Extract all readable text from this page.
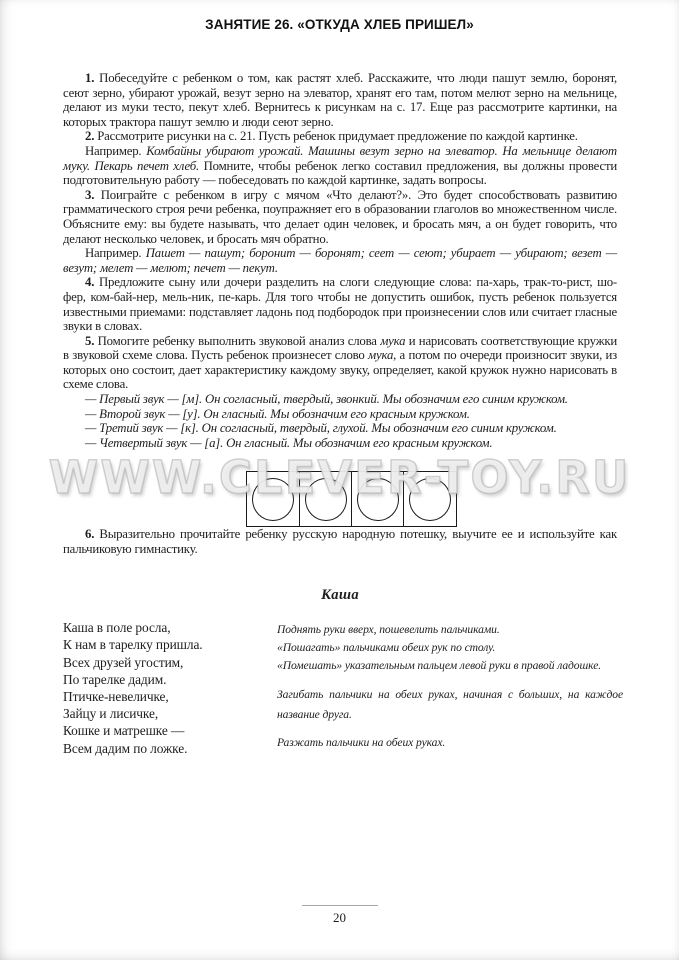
ЗАНЯТИЕ 26. «ОТКУДА ХЛЕБ ПРИШЕЛ»
WWW.CLEVER-TOY.RU

1. Побеседуйте с ребенком о том, как растят хлеб. Расскажите, что люди пашут землю, боронят, сеют зерно, убирают урожай, везут зерно на элеватор, хранят его там, потом мелют зерно на мельнице, делают из муки тесто, пекут хлеб. Вернитесь к рисункам на с. 17. Еще раз рассмотрите картинки, на которых трактора пашут землю и люди сеют зерно.

2. Рассмотрите рисунки на с. 21. Пусть ребенок придумает предложение по каждой картинке.

Например. Комбайны убирают урожай. Машины везут зерно на элеватор. На мельнице делают муку. Пекарь печет хлеб. Помните, чтобы ребенок легко составил предложения, вы должны провести подготовительную работу — побеседовать по каждой картинке, задать вопросы.

3. Поиграйте с ребенком в игру с мячом «Что делают?». Это будет способствовать развитию грамматического строя речи ребенка, поупражняет его в образовании глаголов во множественном числе. Объясните ему: вы будете называть, что делает один человек, и бросать мяч, а он будет говорить, что делают несколько человек, и бросать мяч обратно.

Например. Пашет — пашут; боронит — боронят; сеет — сеют; убирает — убирают; везет — везут; мелет — мелют; печет — пекут.

4. Предложите сыну или дочери разделить на слоги следующие слова: па-харь, трак-то-рист, шо-фер, ком-бай-нер, мель-ник, пе-карь. Для того чтобы не допустить ошибок, пусть ребенок пользуется известными приемами: подставляет ладонь под подбородок при произнесении слов или считает гласные звуки в словах.

5. Помогите ребенку выполнить звуковой анализ слова мука и нарисовать соответствующие кружки в звуковой схеме слова. Пусть ребенок произнесет слово мука, а потом по очереди произносит звуки, из которых оно состоит, дает характеристику каждому звуку, определяет, какой кружок нужно нарисовать в схеме слова.

— Первый звук — [м]. Он согласный, твердый, звонкий. Мы обозначим его синим кружком.

— Второй звук — [у]. Он гласный. Мы обозначим его красным кружком.

— Третий звук — [к]. Он согласный, твердый, глухой. Мы обозначим его синим кружком.

— Четвертый звук — [а]. Он гласный. Мы обозначим его красным кружком.

6. Выразительно прочитайте ребенку русскую народную потешку, выучите ее и используйте как пальчиковую гимнастику.

Каша
Каша в поле росла,
К нам в тарелку пришла.
Всех друзей угостим,
По тарелке дадим.
Птичке-невеличке,
Зайцу и лисичке,
Кошке и матрешке —
Всем дадим по ложке.
Поднять руки вверх, пошевелить пальчиками.
«Пошагать» пальчиками обеих рук по столу.
«Помешать» указательным пальцем левой руки в правой ладошке.
Загибать пальчики на обеих руках, начиная с больших, на каждое название друга.
Разжать пальчики на обеих руках.
20
